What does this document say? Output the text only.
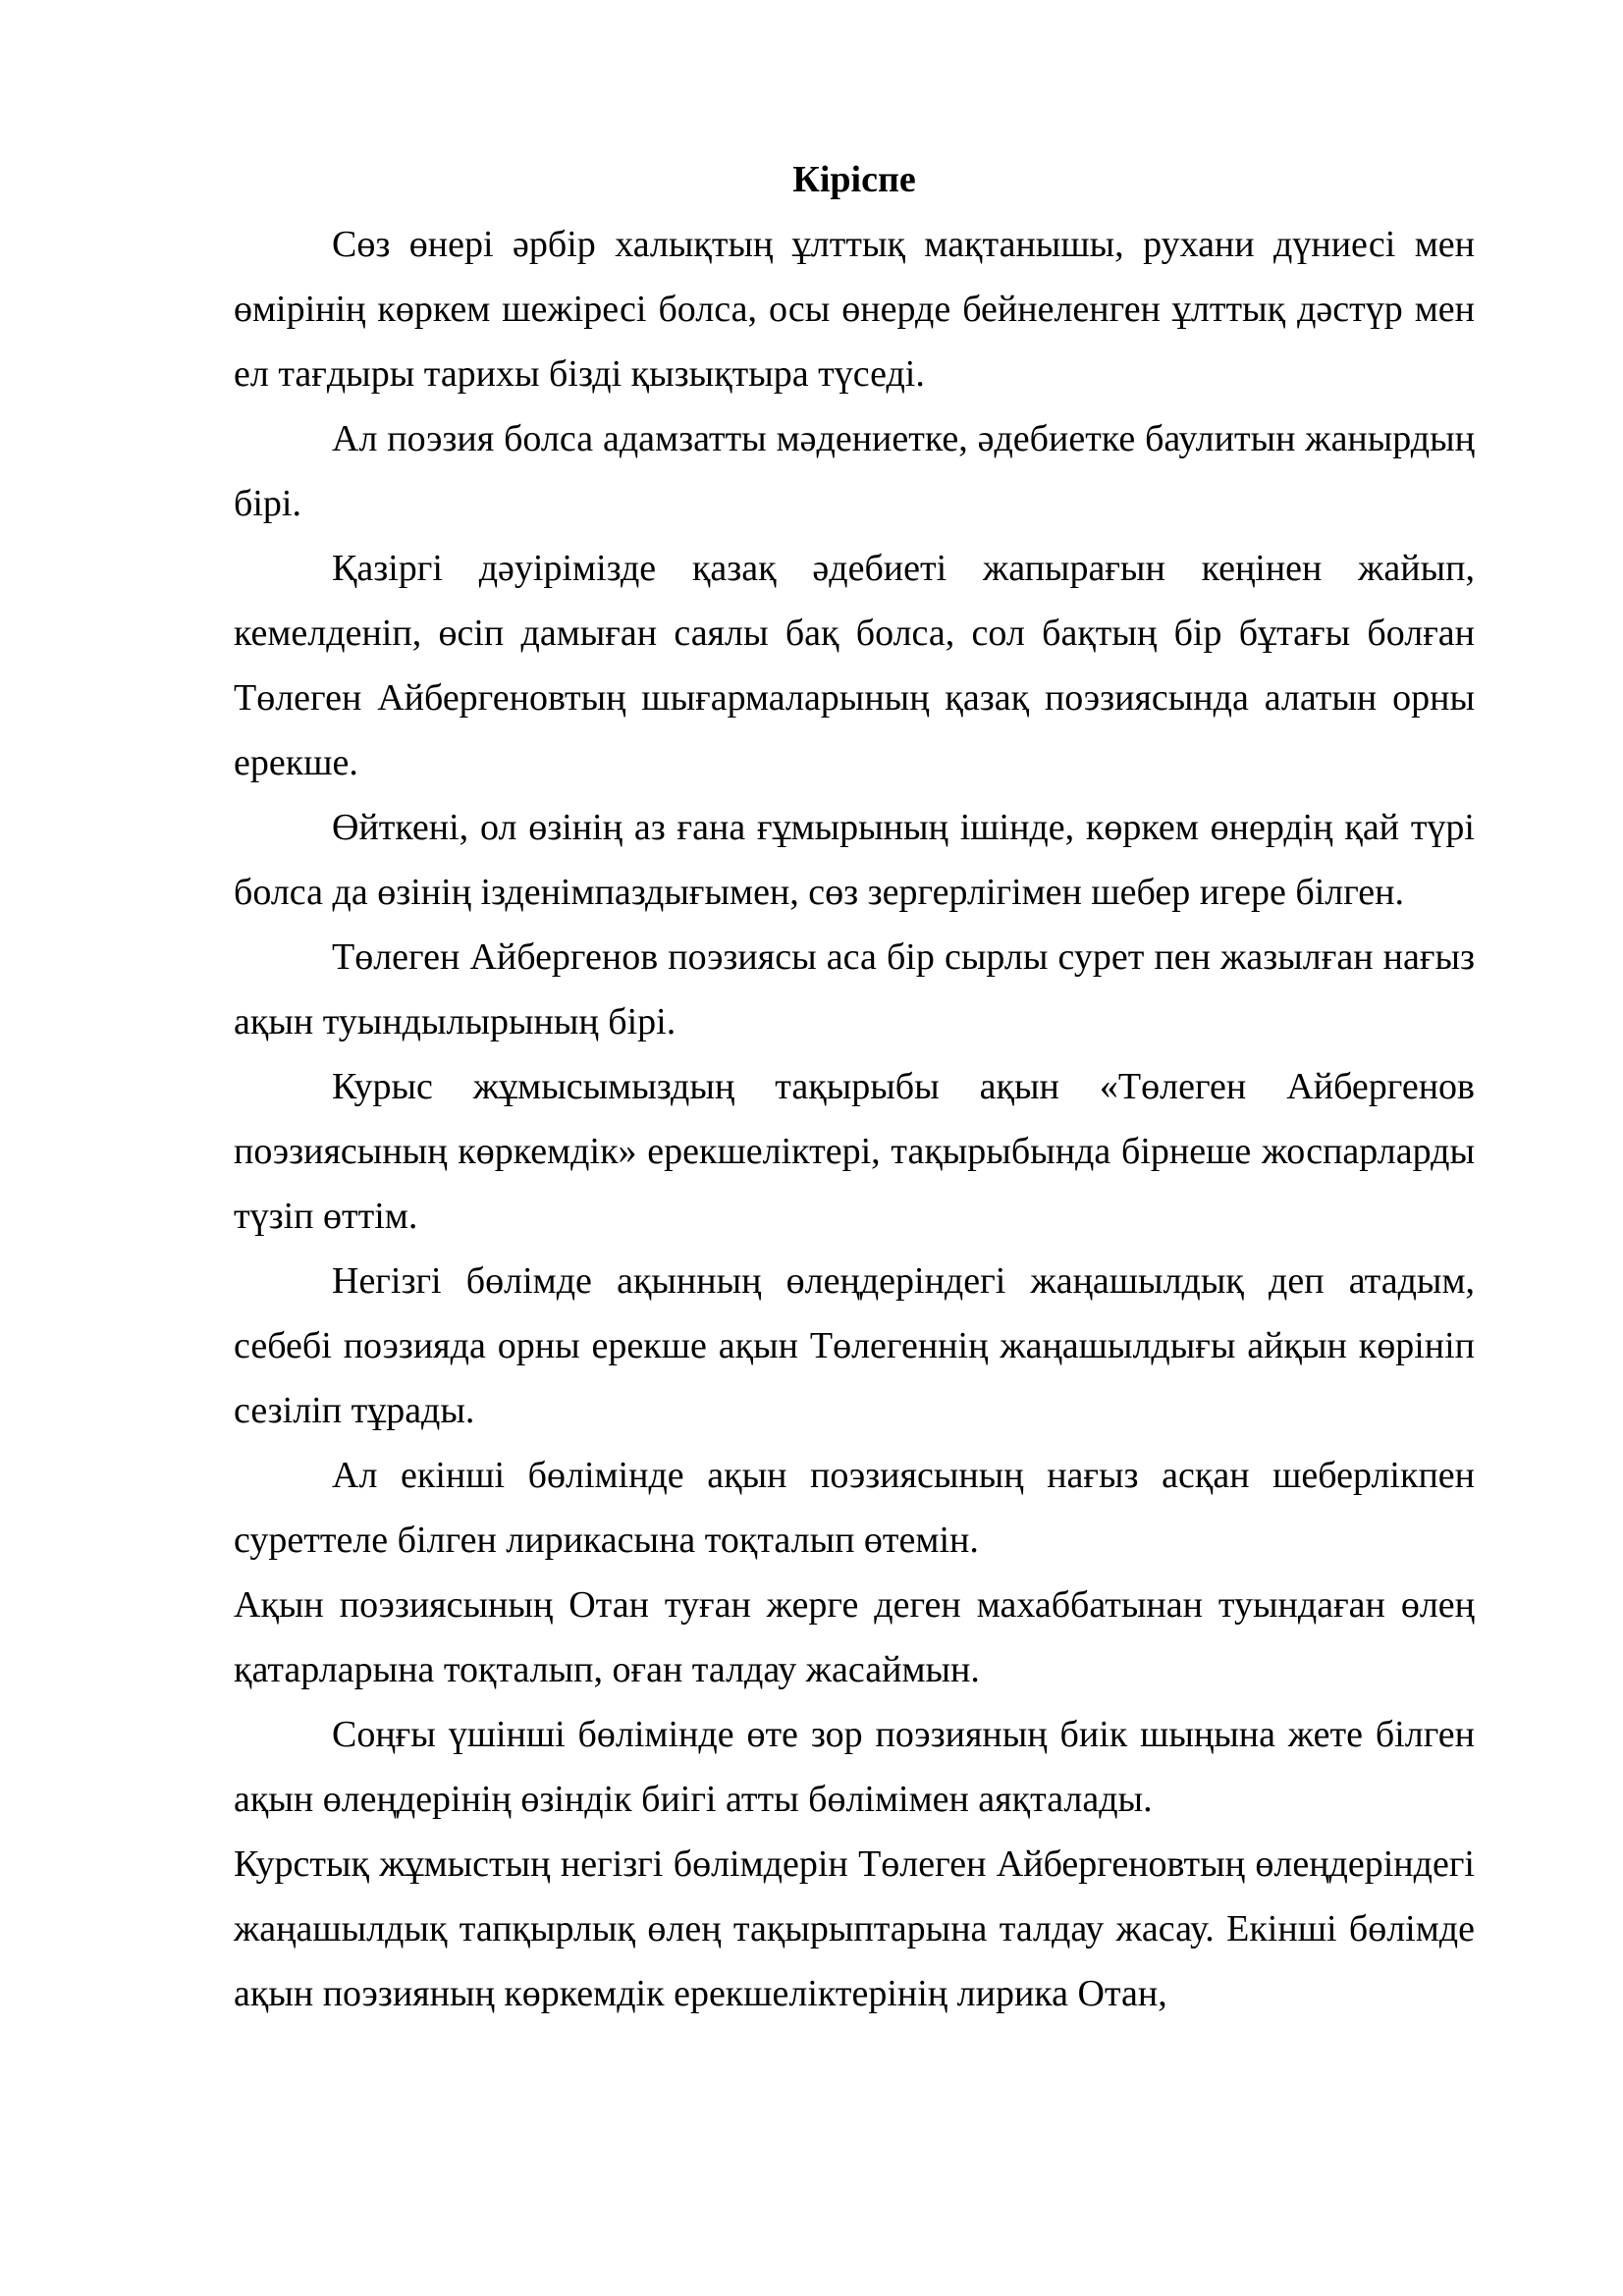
Кіріспе

Сөз өнері әрбір халықтың ұлттық мақтанышы, рухани дүниесі мен өмірінің көркем шежіресі болса, осы өнерде бейнеленген ұлттық дәстүр мен ел тағдыры тарихы бізді қызықтыра түседі.

Ал поэзия болса адамзатты мәдениетке, әдебиетке баулитын жанырдың бірі.

Қазіргі дәуірімізде қазақ әдебиеті жапырағын кеңінен жайып, кемелденіп, өсіп дамыған саялы бақ болса, сол бақтың бір бұтағы болған Төлеген Айбергеновтың шығармаларының қазақ поэзиясында алатын орны ерекше.

Өйткені, ол өзінің аз ғана ғұмырының ішінде, көркем өнердің қай түрі болса да өзінің ізденімпаздығымен, сөз зергерлігімен шебер игере білген.

Төлеген Айбергенов поэзиясы аса бір сырлы сурет пен жазылған нағыз ақын туындылырының бірі.

Курыс жұмысымыздың тақырыбы ақын «Төлеген Айбергенов поэзиясының көркемдік» ерекшеліктері, тақырыбында бірнеше жоспарларды түзіп өттім.

Негізгі бөлімде ақынның өлеңдеріндегі жаңашылдық деп атадым, себебі поэзияда орны ерекше ақын Төлегеннің жаңашылдығы айқын көрініп сезіліп тұрады.

Ал екінші бөлімінде ақын поэзиясының нағыз асқан шеберлікпен суреттеле білген лирикасына тоқталып өтемін.

Ақын поэзиясының Отан туған жерге деген махаббатынан туындаған өлең қатарларына тоқталып, оған талдау жасаймын.

Соңғы үшінші бөлімінде өте зор поэзияның биік шыңына жете білген ақын өлеңдерінің өзіндік биігі атты бөлімімен аяқталады.

Курстық жұмыстың негізгі бөлімдерін Төлеген Айбергеновтың өлеңдеріндегі жаңашылдық тапқырлық өлең тақырыптарына талдау жасау. Екінші бөлімде ақын поэзияның көркемдік ерекшеліктерінің лирика Отан,
